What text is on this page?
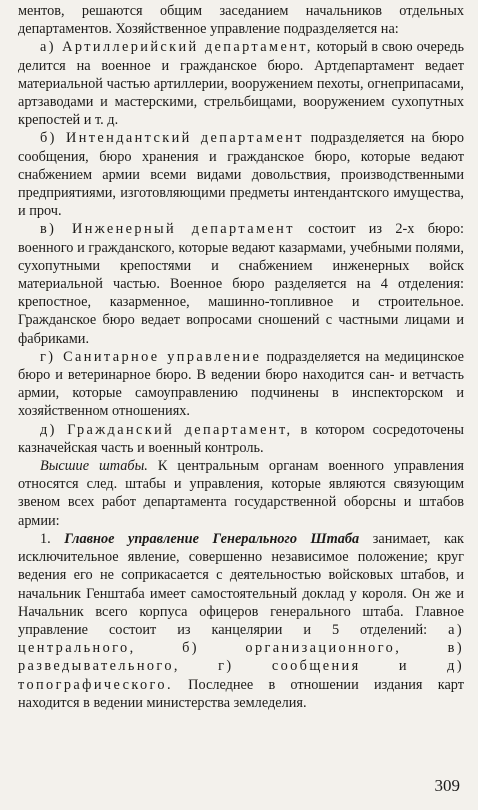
ментов, решаются общим заседанием начальников отдельных департаментов. Хозяйственное управление подразделяется на:

а) Артиллерийский департамент, который в свою очередь делится на военное и гражданское бюро. Артдепартамент ведает материальной частью артиллерии, вооружением пехоты, огнеприпасами, артзаводами и мастерскими, стрельбищами, вооружением сухопутных крепостей и т. д.

б) Интендантский департамент подразделяется на бюро сообщения, бюро хранения и гражданское бюро, которые ведают снабжением армии всеми видами довольствия, производственными предприятиями, изготовляющими предметы интендантского имущества, и проч.

в) Инженерный департамент состоит из 2-х бюро: военного и гражданского, которые ведают казармами, учебными полями, сухопутными крепостями и снабжением инженерных войск материальной частью. Военное бюро разделяется на 4 отделения: крепостное, казарменное, машинно-топливное и строительное. Гражданское бюро ведает вопросами сношений с частными лицами и фабриками.

г) Санитарное управление подразделяется на медицинское бюро и ветеринарное бюро. В ведении бюро находится сан- и ветчасть армии, которые самоуправлению подчинены в инспекторском и хозяйственном отношениях.

д) Гражданский департамент, в котором сосредоточены казначейская часть и военный контроль.

Высшие штабы. К центральным органам военного управления относятся след. штабы и управления, которые являются связующим звеном всех работ департамента государственной оборсны и штабов армии:

1. Главное управление Генерального Штаба занимает, как исключительное явление, совершенно независимое положение; круг ведения его не соприкасается с деятельностью войсковых штабов, и начальник Генштаба имеет самостоятельный доклад у короля. Он же и Начальник всего корпуса офицеров генерального штаба. Главное управление состоит из канцелярии и 5 отделений: а) центрального, б) организационного, в) разведывательного, г) сообщения и д) топографического. Последнее в отношении издания карт находится в ведении министерства земледелия.

309
